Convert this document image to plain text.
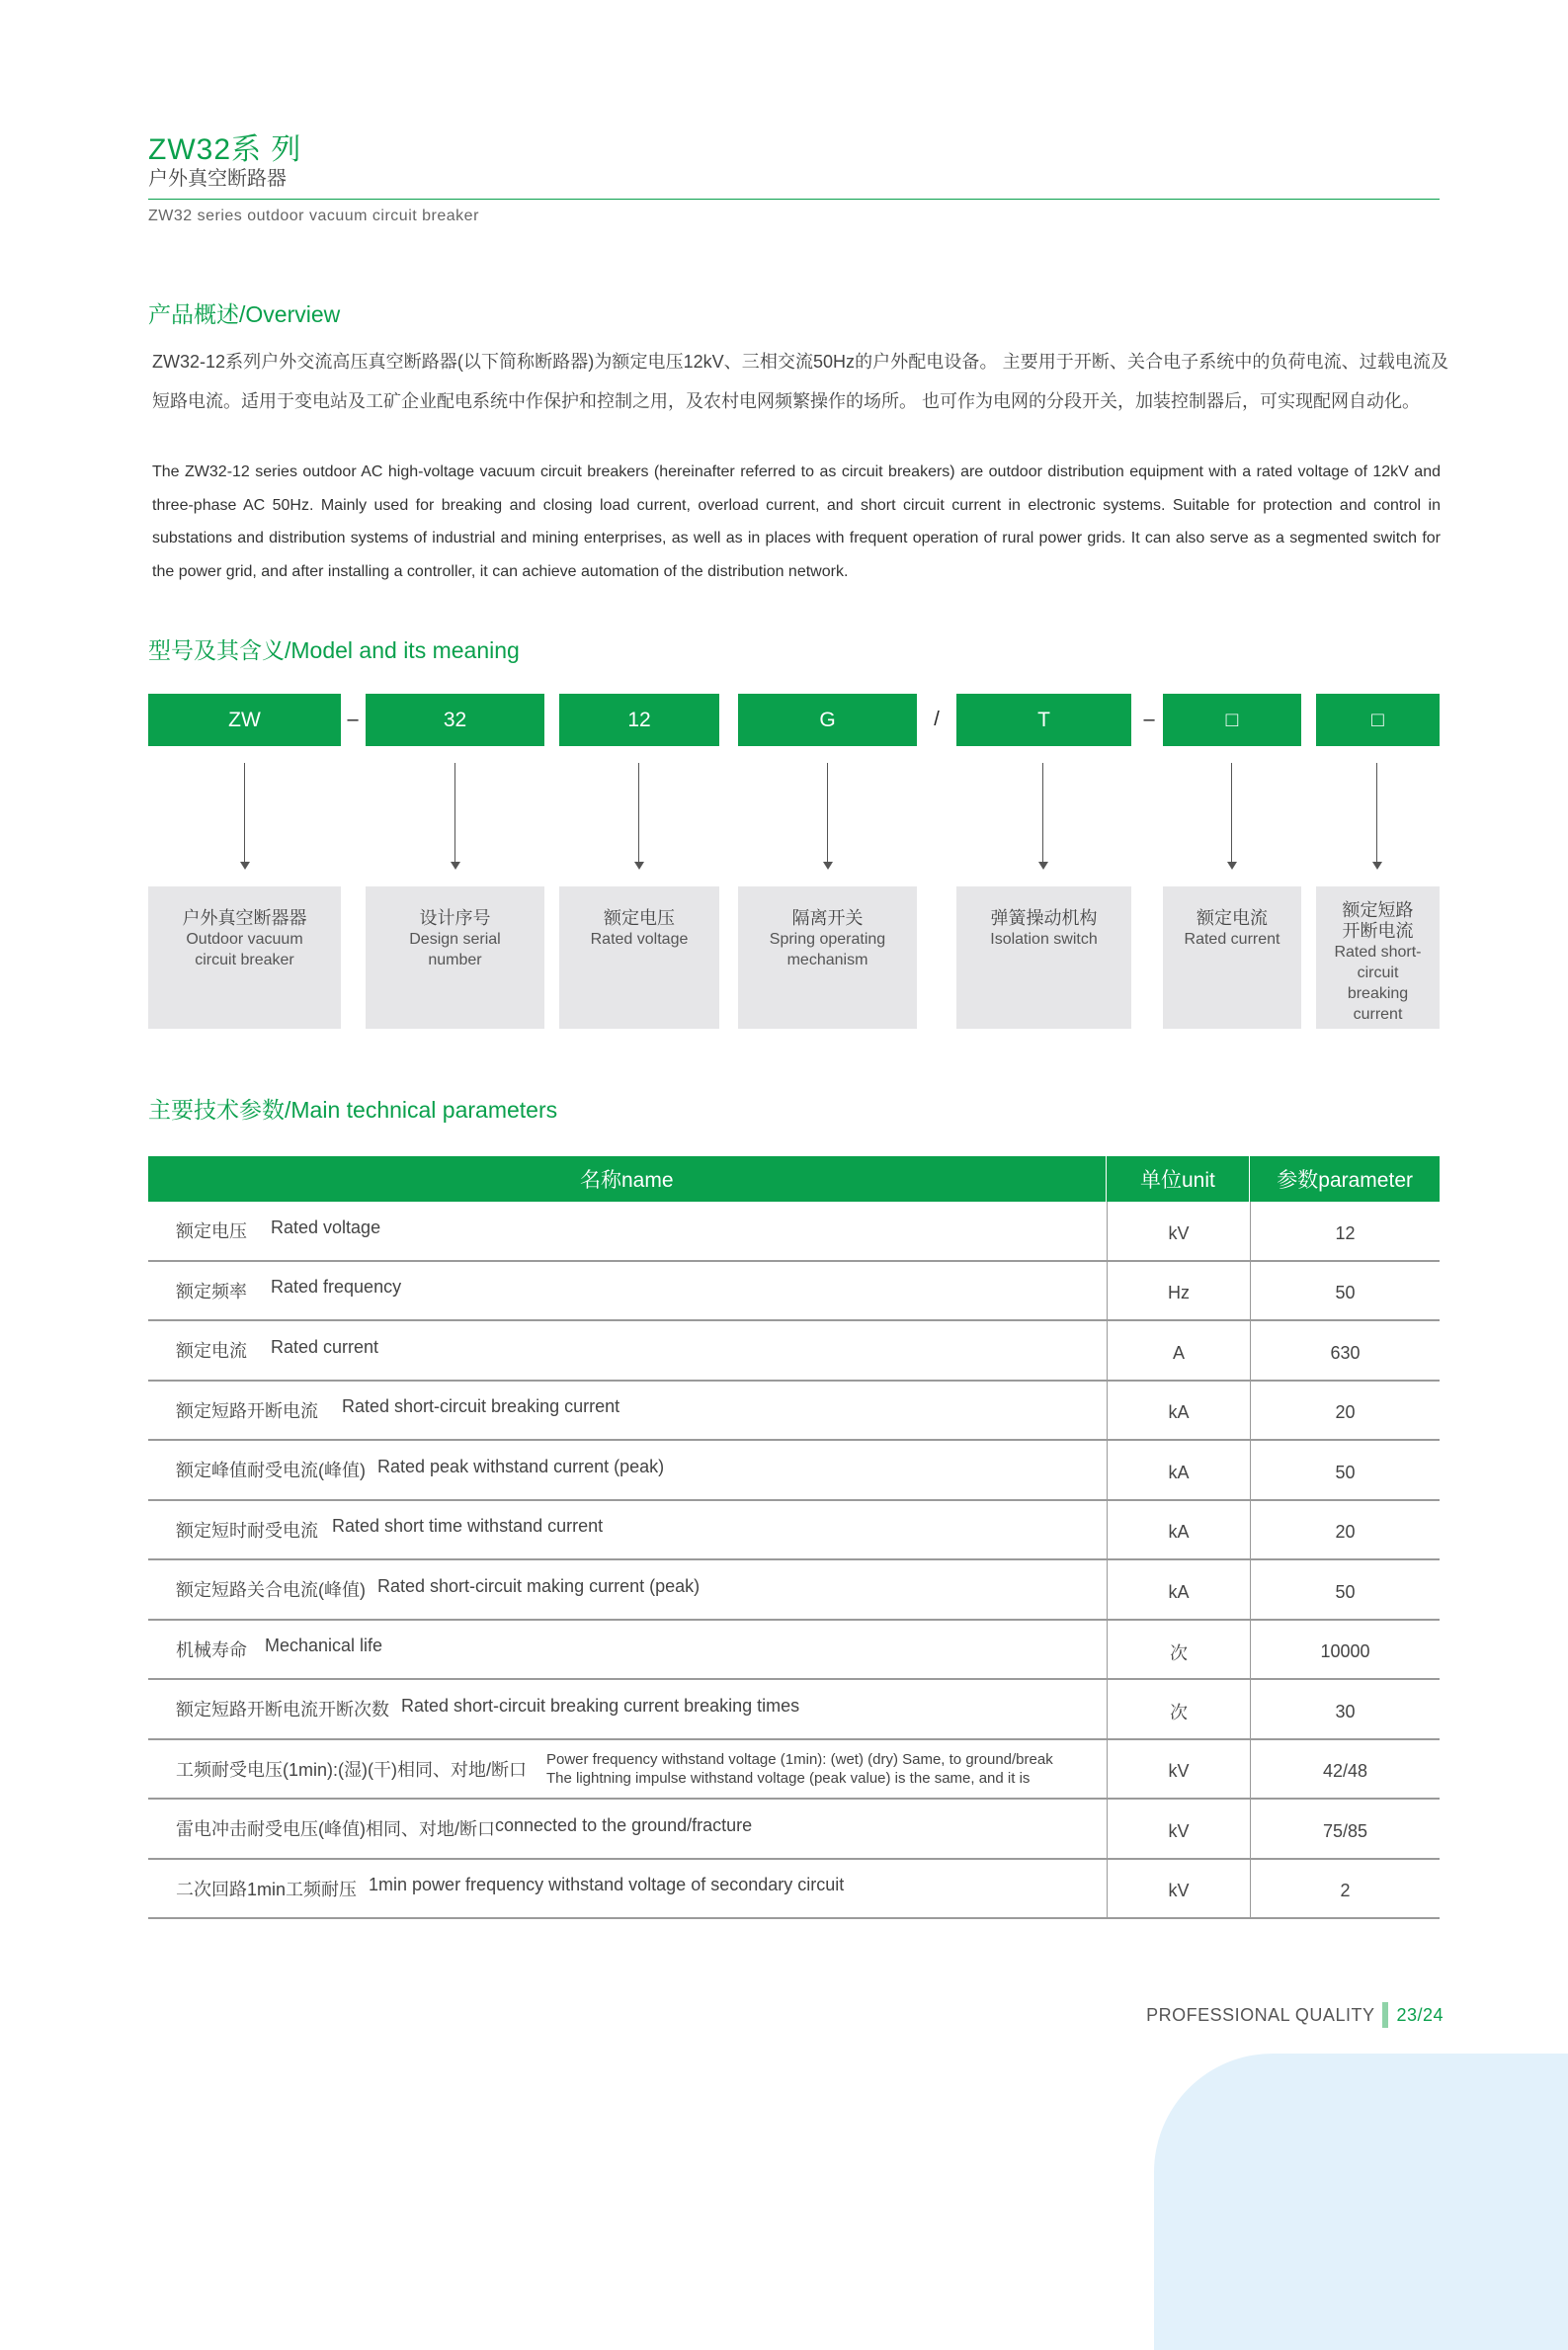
ZW32系 列
户外真空断路器
ZW32 series outdoor vacuum circuit breaker
产品概述/Overview
ZW32-12系列户外交流高压真空断路器(以下简称断路器)为额定电压12kV、三相交流50Hz的户外配电设备。 主要用于开断、关合电子系统中的负荷电流、过载电流及短路电流。适用于变电站及工矿企业配电系统中作保护和控制之用，及农村电网频繁操作的场所。 也可作为电网的分段开关，加装控制器后，可实现配网自动化。
The ZW32-12 series outdoor AC high-voltage vacuum circuit breakers (hereinafter referred to as circuit breakers) are outdoor distribution equipment with a rated voltage of 12kV and three-phase AC 50Hz. Mainly used for breaking and closing load current, overload current, and short circuit current in electronic systems. Suitable for protection and control in substations and distribution systems of industrial and mining enterprises, as well as in places with frequent operation of rural power grids. It can also serve as a segmented switch for the power grid, and after installing a controller, it can achieve automation of the distribution network.
型号及其含义/Model and its meaning
ZW	–	32	12	G	/	T	–	□	□
户外真空断器器
Outdoor vacuum
circuit breaker
设计序号
Design serial
number
额定电压
Rated voltage
隔离开关
Spring operating
mechanism
弹簧操动机构
Isolation switch
额定电流
Rated current
额定短路
开断电流
Rated short-
circuit
breaking
current
主要技术参数/Main technical parameters
名称name	单位unit	参数parameter
额定电压 Rated voltage	kV	12
额定频率 Rated frequency	Hz	50
额定电流 Rated current	A	630
额定短路开断电流 Rated short-circuit breaking current	kA	20
额定峰值耐受电流(峰值) Rated peak withstand current (peak)	kA	50
额定短时耐受电流 Rated short time withstand current	kA	20
额定短路关合电流(峰值) Rated short-circuit making current (peak)	kA	50
机械寿命 Mechanical life	次	10000
额定短路开断电流开断次数 Rated short-circuit breaking current breaking times	次	30
工频耐受电压(1min):(湿)(干)相同、对地/断口
Power frequency withstand voltage (1min): (wet) (dry) Same, to ground/break
The lightning impulse withstand voltage (peak value) is the same, and it is	kV	42/48
雷电冲击耐受电压(峰值)相同、对地/断口 connected to the ground/fracture	kV	75/85
二次回路1min工频耐压 1min power frequency withstand voltage of secondary circuit	kV	2
PROFESSIONAL QUALITY 23/24
